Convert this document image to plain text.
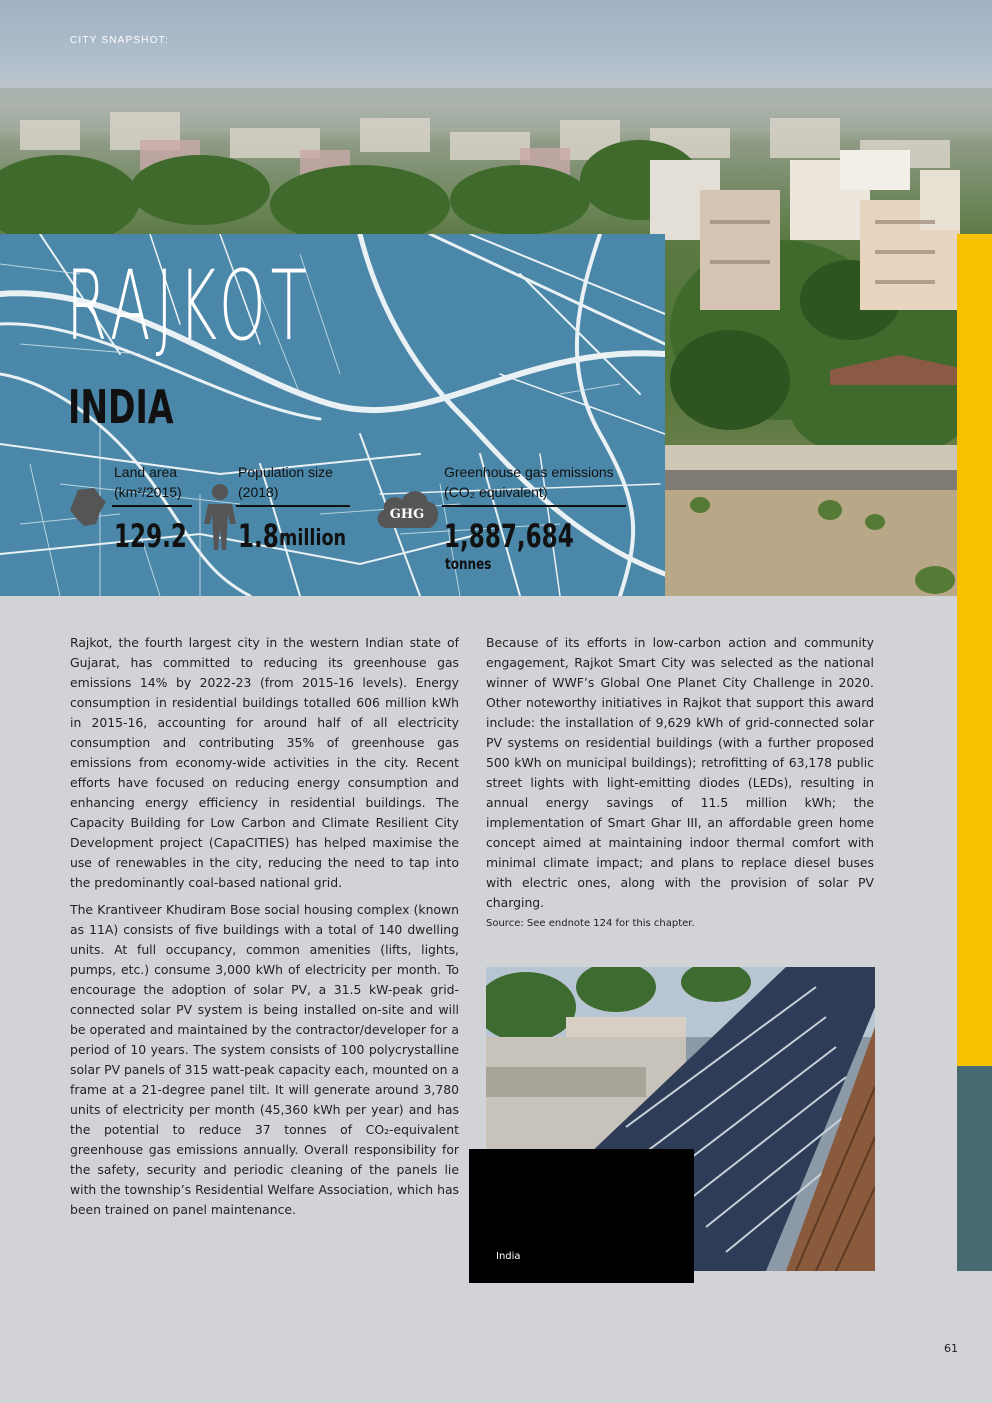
CITY SNAPSHOT:
RAJKOT
INDIA
Land area
(km²/2015)
129.2
Population size
(2018)
1.8 million
GHG
Greenhouse gas emissions
(CO₂ equivalent)
1,887,684
tonnes

Rajkot, the fourth largest city in the western Indian state of Gujarat, has committed to reducing its greenhouse gas emissions 14% by 2022-23 (from 2015-16 levels). Energy consumption in residential buildings totalled 606 million kWh in 2015-16, accounting for around half of all electricity consumption and contributing 35% of greenhouse gas emissions from economy-wide activities in the city. Recent efforts have focused on reducing energy consumption and enhancing energy efficiency in residential buildings. The Capacity Building for Low Carbon and Climate Resilient City Development project (CapaCITIES) has helped maximise the use of renewables in the city, reducing the need to tap into the predominantly coal-based national grid.

The Krantiveer Khudiram Bose social housing complex (known as 11A) consists of five buildings with a total of 140 dwelling units. At full occupancy, common amenities (lifts, lights, pumps, etc.) consume 3,000 kWh of electricity per month. To encourage the adoption of solar PV, a 31.5 kW-peak grid-connected solar PV system is being installed on-site and will be operated and maintained by the contractor/developer for a period of 10 years. The system consists of 100 polycrystalline solar PV panels of 315 watt-peak capacity each, mounted on a frame at a 21-degree panel tilt. It will generate around 3,780 units of electricity per month (45,360 kWh per year) and has the potential to reduce 37 tonnes of CO₂-equivalent greenhouse gas emissions annually. Overall responsibility for the safety, security and periodic cleaning of the panels lie with the township’s Residential Welfare Association, which has been trained on panel maintenance.

Because of its efforts in low-carbon action and community engagement, Rajkot Smart City was selected as the national winner of WWF’s Global One Planet City Challenge in 2020. Other noteworthy initiatives in Rajkot that support this award include: the installation of 9,629 kWh of grid-connected solar PV systems on residential buildings (with a further proposed 500 kWh on municipal buildings); retrofitting of 63,178 public street lights with light-emitting diodes (LEDs), resulting in annual energy savings of 11.5 million kWh; the implementation of Smart Ghar III, an affordable green home concept aimed at maintaining indoor thermal comfort with minimal climate impact; and plans to replace diesel buses with electric ones, along with the provision of solar PV charging.

Source: See endnote 124 for this chapter.
India
61
